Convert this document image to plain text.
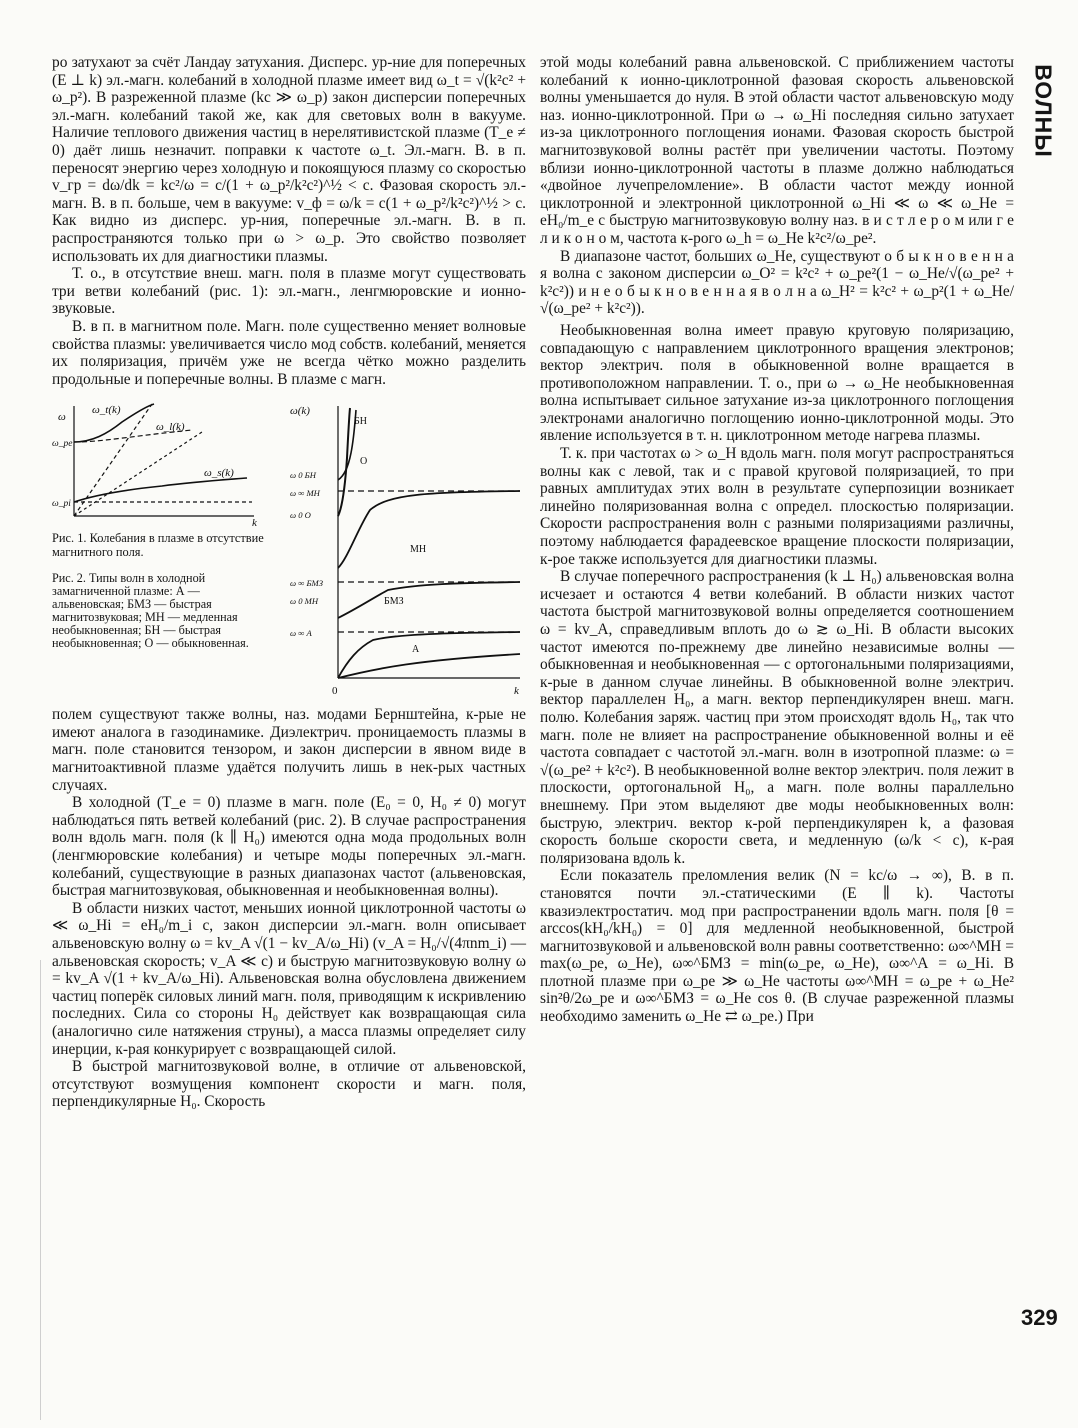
ВОЛНЫ
329

ро затухают за счёт Ландау затухания. Дисперс. ур-ние для поперечных (E ⊥ k) эл.-магн. колебаний в холодной плазме имеет вид ω_t = √(k²c² + ω_p²). В разреженной плазме (kc ≫ ω_p) закон дисперсии поперечных эл.-магн. колебаний такой же, как для световых волн в вакууме. Наличие теплового движения частиц в нерелятивистской плазме (T_e ≠ 0) даёт лишь незначит. поправки к частоте ω_t. Эл.-магн. В. в п. переносят энергию через холодную и покоящуюся плазму со скоростью v_гр = dω/dk = kc²/ω = c/(1 + ω_p²/k²c²)^½ < c. Фазовая скорость эл.-магн. В. в п. больше, чем в вакууме: v_ф = ω/k = c(1 + ω_p²/k²c²)^½ > c. Как видно из дисперс. ур-ния, поперечные эл.-магн. В. в п. распространяются только при ω > ω_p. Это свойство позволяет использовать их для диагностики плазмы.

Т. о., в отсутствие внеш. магн. поля в плазме могут существовать три ветви колебаний (рис. 1): эл.-магн., ленгмюровские и ионно-звуковые.

В. в п. в магнитном поле. Магн. поле существенно меняет волновые свойства плазмы: увеличивается число мод собств. колебаний, меняется их поляризация, причём уже не всегда чётко можно разделить продольные и поперечные волны. В плазме с магн.

ω
k
ω_t(k)
ω_l(k)
ω_s(k)
ω_pe
ω_pi
Рис. 1. Колебания в плазме в отсутствие магнитного поля.
Рис. 2. Типы волн в холодной замагниченной плазме: А — альвеновская; БМЗ — быстрая магнитозвуковая; МН — медленная необыкновенная; БН — быстрая необыкновенная; О — обыкновенная.
ω(k)
k
0
БН
О
МН
БМЗ
А
ω 0 БН
ω ∞ МН
ω 0 О
ω ∞ БМЗ
ω 0 МН
ω ∞ А

полем существуют также волны, наз. модами Бернштейна, к-рые не имеют аналога в газодинамике. Диэлектрич. проницаемость плазмы в магн. поле становится тензором, и закон дисперсии в явном виде в магнитоактивной плазме удаётся получить лишь в нек-рых частных случаях.

В холодной (T_e = 0) плазме в магн. поле (E₀ = 0, H₀ ≠ 0) могут наблюдаться пять ветвей колебаний (рис. 2). В случае распространения волн вдоль магн. поля (k ∥ H₀) имеются одна мода продольных волн (ленгмюровские колебания) и четыре моды поперечных эл.-магн. колебаний, существующие в разных диапазонах частот (альвеновская, быстрая магнитозвуковая, обыкновенная и необыкновенная волны).

В области низких частот, меньших ионной циклотронной частоты ω ≪ ω_Hi = eH₀/m_i c, закон дисперсии эл.-магн. волн описывает альвеновскую волну ω = kv_A √(1 − kv_A/ω_Hi) (v_A = H₀/√(4πnm_i) — альвеновская скорость; v_A ≪ c) и быструю магнитозвуковую волну ω = kv_A √(1 + kv_A/ω_Hi). Альвеновская волна обусловлена движением частиц поперёк силовых линий магн. поля, приводящим к искривлению последних. Сила со стороны H₀ действует как возвращающая сила (аналогично силе натяжения струны), а масса плазмы определяет силу инерции, к-рая конкурирует с возвращающей силой.

В быстрой магнитозвуковой волне, в отличие от альвеновской, отсутствуют возмущения компонент скорости и магн. поля, перпендикулярные H₀. Скорость

этой моды колебаний равна альвеновской. С приближением частоты колебаний к ионно-циклотронной фазовая скорость альвеновской волны уменьшается до нуля. В этой области частот альвеновскую моду наз. ионно-циклотронной. При ω → ω_Hi последняя сильно затухает из-за циклотронного поглощения ионами. Фазовая скорость быстрой магнитозвуковой волны растёт при увеличении частоты. Поэтому вблизи ионно-циклотронной частоты в плазме должно наблюдаться «двойное лучепреломление». В области частот между ионной циклотронной и электронной циклотронной ω_Hi ≪ ω ≪ ω_He = eH₀/m_e c быструю магнитозвуковую волну наз. в и с т л е р о м или г е л и к о н о м, частота к-рого ω_h = ω_He k²c²/ω_pe².

В диапазоне частот, больших ω_He, существуют о б ы к н о в е н н а я волна с законом дисперсии ω_O² = k²c² + ω_pe²(1 − ω_He/√(ω_pe² + k²c²)) и н е о б ы к н о в е н н а я в о л н а ω_Н² = k²c² + ω_p²(1 + ω_He/√(ω_pe² + k²c²)).

Необыкновенная волна имеет правую круговую поляризацию, совпадающую с направлением циклотронного вращения электронов; вектор электрич. поля в обыкновенной волне вращается в противоположном направлении. Т. о., при ω → ω_He необыкновенная волна испытывает сильное затухание из-за циклотронного поглощения электронами аналогично поглощению ионно-циклотронной моды. Это явление используется в т. н. циклотронном методе нагрева плазмы.

Т. к. при частотах ω > ω_Н вдоль магн. поля могут распространяться волны как с левой, так и с правой круговой поляризацией, то при равных амплитудах этих волн в результате суперпозиции возникает линейно поляризованная волна с определ. плоскостью поляризации. Скорости распространения волн с разными поляризациями различны, поэтому наблюдается фарадеевское вращение плоскости поляризации, к-рое также используется для диагностики плазмы.

В случае поперечного распространения (k ⊥ H₀) альвеновская волна исчезает и остаются 4 ветви колебаний. В области низких частот частота быстрой магнитозвуковой волны определяется соотношением ω = kv_A, справедливым вплоть до ω ≳ ω_Hi. В области высоких частот имеются по-прежнему две линейно независимые волны — обыкновенная и необыкновенная — с ортогональными поляризациями, к-рые в данном случае линейны. В обыкновенной волне электрич. вектор параллелен H₀, а магн. вектор перпендикулярен внеш. магн. полю. Колебания заряж. частиц при этом происходят вдоль H₀, так что магн. поле не влияет на распространение обыкновенной волны и её частота совпадает с частотой эл.-магн. волн в изотропной плазме: ω = √(ω_pe² + k²c²). В необыкновенной волне вектор электрич. поля лежит в плоскости, ортогональной H₀, а магн. поле волны параллельно внешнему. При этом выделяют две моды необыкновенных волн: быструю, электрич. вектор к-рой перпендикулярен k, а фазовая скорость больше скорости света, и медленную (ω/k < c), к-рая поляризована вдоль k.

Если показатель преломления велик (N = kc/ω → ∞), В. в п. становятся почти эл.-статическими (E ∥ k). Частоты квазиэлектростатич. мод при распространении вдоль магн. поля [θ = arccos(kH₀/kH₀) = 0] для медленной необыкновенной, быстрой магнитозвуковой и альвеновской волн равны соответственно: ω∞^МН = max(ω_pe, ω_He), ω∞^БМЗ = min(ω_pe, ω_He), ω∞^А = ω_Hi. В плотной плазме при ω_pe ≫ ω_He частоты ω∞^МН = ω_pe + ω_He² sin²θ/2ω_pe и ω∞^БМЗ = ω_He cos θ. (В случае разреженной плазмы необходимо заменить ω_He ⇄ ω_pe.) При
